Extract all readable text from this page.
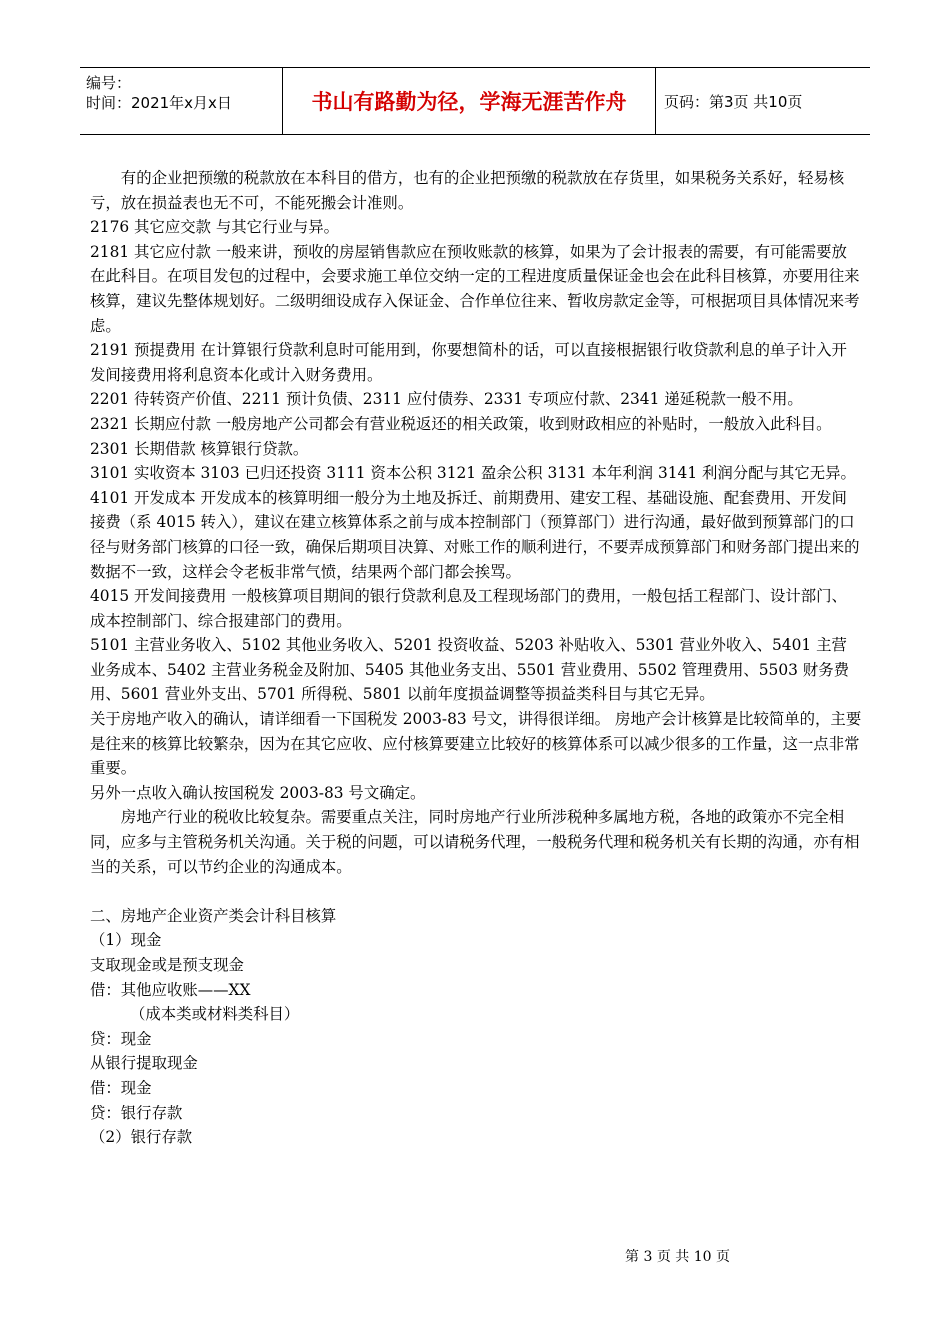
编号：
时间：2021年x月x日	书山有路勤为径，学海无涯苦作舟	页码：第3页 共10页

有的企业把预缴的税款放在本科目的借方，也有的企业把预缴的税款放在存货里，如果税务关系好，轻易核亏，放在损益表也无不可，不能死搬会计准则。

2176 其它应交款 与其它行业与异。

2181 其它应付款 一般来讲，预收的房屋销售款应在预收账款的核算，如果为了会计报表的需要，有可能需要放在此科目。在项目发包的过程中，会要求施工单位交纳一定的工程进度质量保证金也会在此科目核算，亦要用往来核算，建议先整体规划好。二级明细设成存入保证金、合作单位往来、暂收房款定金等，可根据项目具体情况来考虑。

2191 预提费用 在计算银行贷款利息时可能用到，你要想简朴的话，可以直接根据银行收贷款利息的单子计入开发间接费用将利息资本化或计入财务费用。

2201 待转资产价值、2211 预计负债、2311 应付债券、2331 专项应付款、2341 递延税款一般不用。

2321 长期应付款 一般房地产公司都会有营业税返还的相关政策，收到财政相应的补贴时，一般放入此科目。

2301 长期借款 核算银行贷款。

3101 实收资本 3103 已归还投资 3111 资本公积 3121 盈余公积 3131 本年利润 3141 利润分配与其它无异。

4101 开发成本 开发成本的核算明细一般分为土地及拆迁、前期费用、建安工程、基础设施、配套费用、开发间接费（系 4015 转入），建议在建立核算体系之前与成本控制部门（预算部门）进行沟通，最好做到预算部门的口径与财务部门核算的口径一致，确保后期项目决算、对账工作的顺利进行，不要弄成预算部门和财务部门提出来的数据不一致，这样会令老板非常气愤，结果两个部门都会挨骂。

4015 开发间接费用 一般核算项目期间的银行贷款利息及工程现场部门的费用，一般包括工程部门、设计部门、成本控制部门、综合报建部门的费用。

5101 主营业务收入、5102 其他业务收入、5201 投资收益、5203 补贴收入、5301 营业外收入、5401 主营业务成本、5402 主营业务税金及附加、5405 其他业务支出、5501 营业费用、5502 管理费用、5503 财务费用、5601 营业外支出、5701 所得税、5801 以前年度损益调整等损益类科目与其它无异。

关于房地产收入的确认，请详细看一下国税发 2003-83 号文，讲得很详细。 房地产会计核算是比较简单的，主要是往来的核算比较繁杂，因为在其它应收、应付核算要建立比较好的核算体系可以减少很多的工作量，这一点非常重要。

另外一点收入确认按国税发 2003-83 号文确定。

房地产行业的税收比较复杂。需要重点关注，同时房地产行业所涉税种多属地方税，各地的政策亦不完全相同，应多与主管税务机关沟通。关于税的问题，可以请税务代理，一般税务代理和税务机关有长期的沟通，亦有相当的关系，可以节约企业的沟通成本。

二、房地产企业资产类会计科目核算

（1）现金

支取现金或是预支现金

借：其他应收账——XX

（成本类或材料类科目）

贷：现金

从银行提取现金

借：现金

贷：银行存款

（2）银行存款

第 3 页 共 10 页
